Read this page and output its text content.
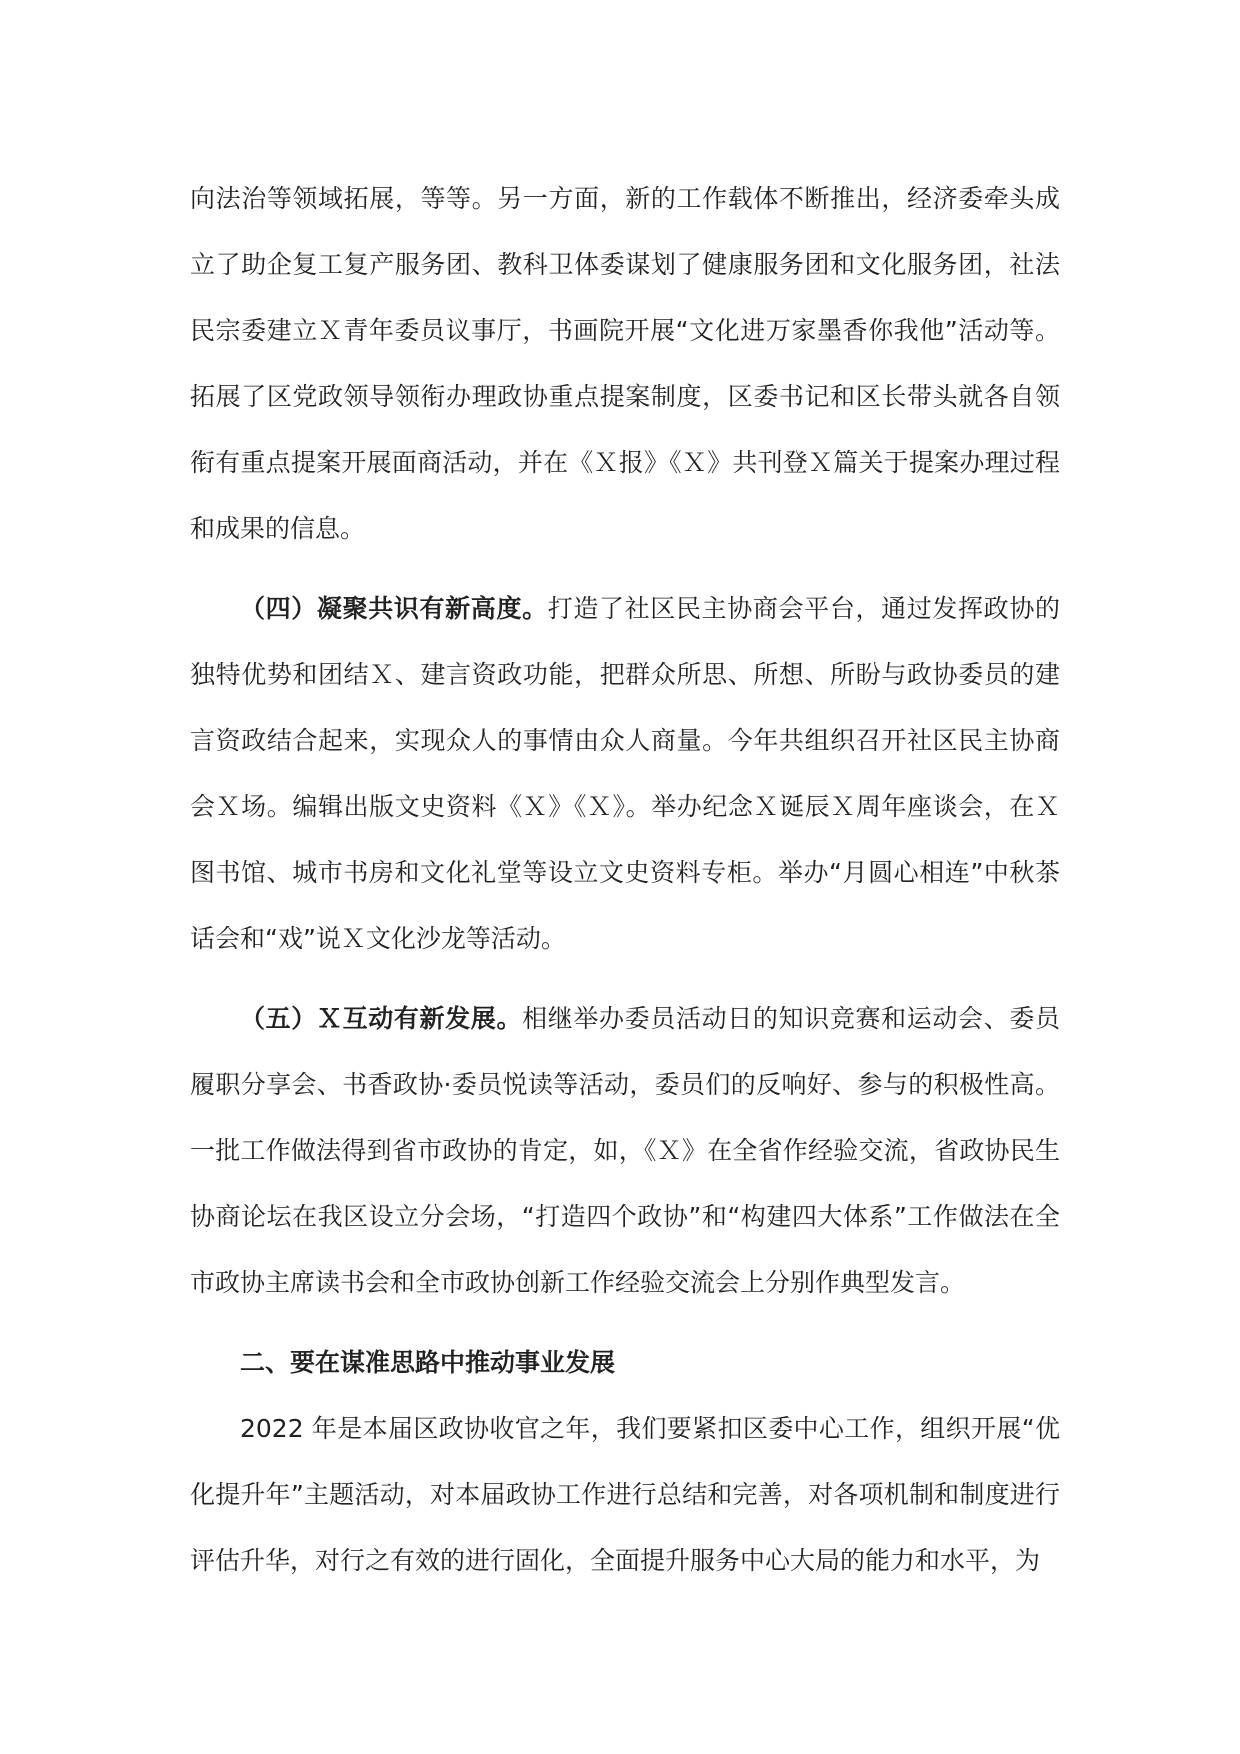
向法治等领域拓展，等等。另一方面，新的工作载体不断推出，经济委牵头成立了助企复工复产服务团、教科卫体委谋划了健康服务团和文化服务团，社法民宗委建立Ｘ青年委员议事厅，书画院开展“文化进万家墨香你我他”活动等。拓展了区党政领导领衔办理政协重点提案制度，区委书记和区长带头就各自领衔有重点提案开展面商活动，并在《Ｘ报》《Ｘ》共刊登Ｘ篇关于提案办理过程和成果的信息。

（四）凝聚共识有新高度。打造了社区民主协商会平台，通过发挥政协的独特优势和团结Ｘ、建言资政功能，把群众所思、所想、所盼与政协委员的建言资政结合起来，实现众人的事情由众人商量。今年共组织召开社区民主协商会Ｘ场。编辑出版文史资料《Ｘ》《Ｘ》。举办纪念Ｘ诞辰Ｘ周年座谈会，在Ｘ图书馆、城市书房和文化礼堂等设立文史资料专柜。举办“月圆心相连”中秋茶话会和“戏”说Ｘ文化沙龙等活动。

（五）Ｘ互动有新发展。相继举办委员活动日的知识竞赛和运动会、委员履职分享会、书香政协·委员悦读等活动，委员们的反响好、参与的积极性高。一批工作做法得到省市政协的肯定，如，《Ｘ》在全省作经验交流，省政协民生协商论坛在我区设立分会场，“打造四个政协”和“构建四大体系”工作做法在全市政协主席读书会和全市政协创新工作经验交流会上分别作典型发言。

二、要在谋准思路中推动事业发展

2022 年是本届区政协收官之年，我们要紧扣区委中心工作，组织开展“优化提升年”主题活动，对本届政协工作进行总结和完善，对各项机制和制度进行评估升华，对行之有效的进行固化，全面提升服务中心大局的能力和水平，为
